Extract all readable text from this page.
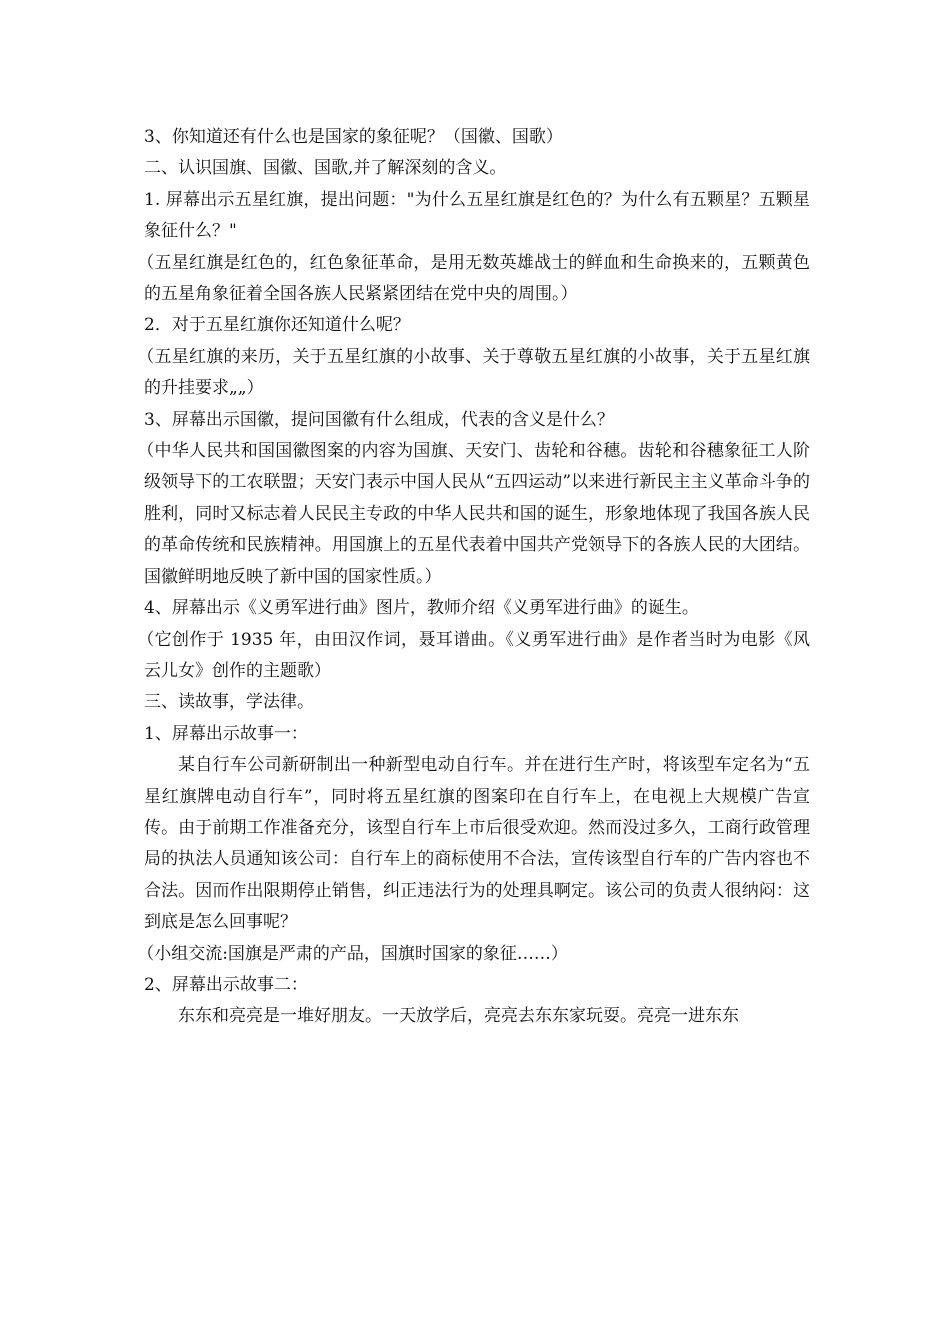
3、你知道还有什么也是国家的象征呢？（国徽、国歌）

二、认识国旗、国徽、国歌,并了解深刻的含义。

1. 屏幕出示五星红旗，提出问题："为什么五星红旗是红色的？为什么有五颗星？五颗星象征什么？"

（五星红旗是红色的，红色象征革命，是用无数英雄战士的鲜血和生命换来的，五颗黄色的五星角象征着全国各族人民紧紧团结在党中央的周围。）

2．对于五星红旗你还知道什么呢？

（五星红旗的来历，关于五星红旗的小故事、关于尊敬五星红旗的小故事，关于五星红旗的升挂要求„„）

3、屏幕出示国徽，提问国徽有什么组成，代表的含义是什么？

（中华人民共和国国徽图案的内容为国旗、天安门、齿轮和谷穗。齿轮和谷穗象征工人阶级领导下的工农联盟；天安门表示中国人民从“五四运动”以来进行新民主主义革命斗争的胜利，同时又标志着人民民主专政的中华人民共和国的诞生，形象地体现了我国各族人民的革命传统和民族精神。用国旗上的五星代表着中国共产党领导下的各族人民的大团结。国徽鲜明地反映了新中国的国家性质。）

4、屏幕出示《义勇军进行曲》图片，教师介绍《义勇军进行曲》的诞生。

（它创作于 1935 年，由田汉作词，聂耳谱曲。《义勇军进行曲》是作者当时为电影《风云儿女》创作的主题歌）

三、读故事，学法律。

1、屏幕出示故事一：

某自行车公司新研制出一种新型电动自行车。并在进行生产时，将该型车定名为“五星红旗牌电动自行车”，同时将五星红旗的图案印在自行车上，在电视上大规模广告宣传。由于前期工作准备充分，该型自行车上市后很受欢迎。然而没过多久，工商行政管理局的执法人员通知该公司：自行车上的商标使用不合法，宣传该型自行车的广告内容也不合法。因而作出限期停止销售，纠正违法行为的处理具啊定。该公司的负责人很纳闷：这到底是怎么回事呢？

（小组交流:国旗是严肃的产品，国旗时国家的象征……）

2、屏幕出示故事二：

东东和亮亮是一堆好朋友。一天放学后，亮亮去东东家玩耍。亮亮一进东东
